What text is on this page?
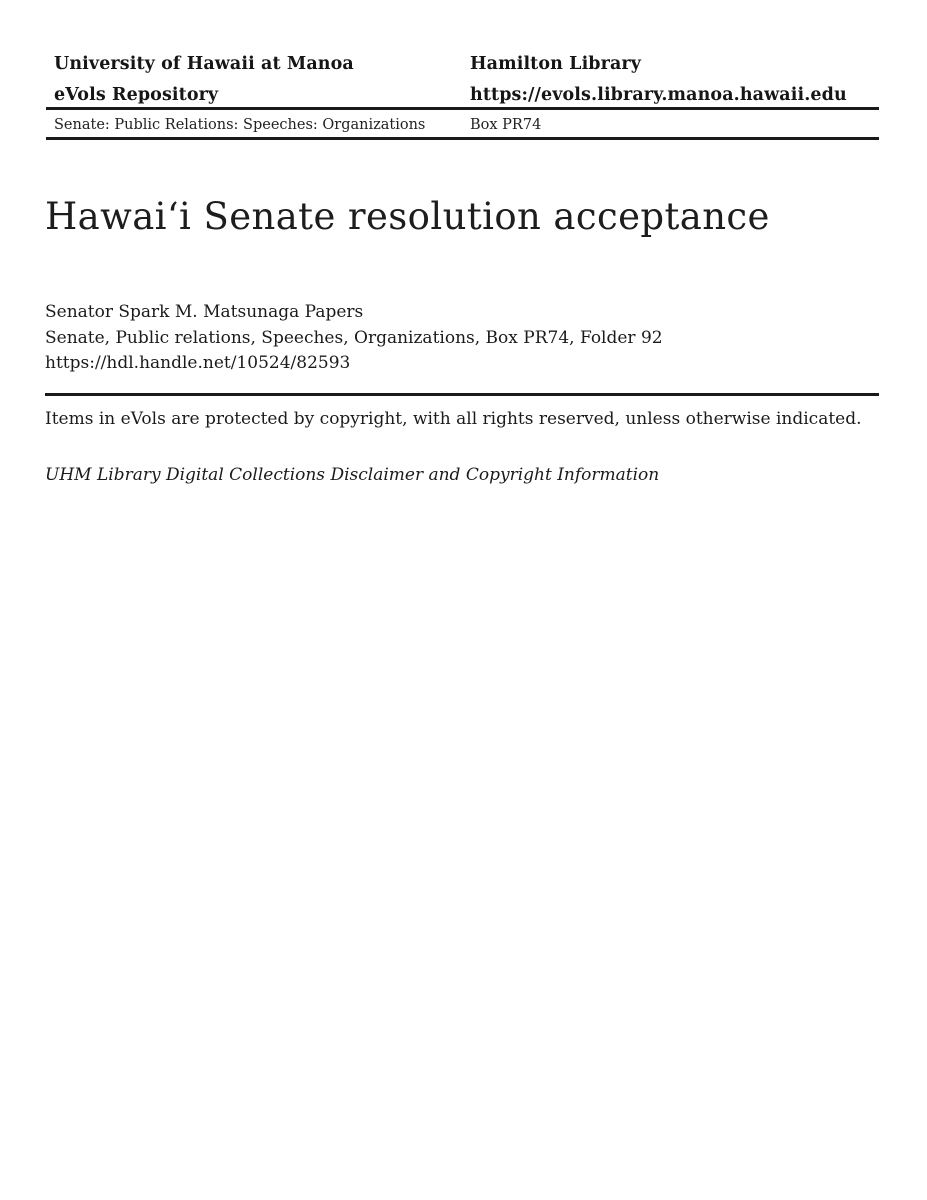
University of Hawaii at Manoa	Hamilton Library
eVols Repository	https://evols.library.manoa.hawaii.edu
Senate: Public Relations: Speeches: Organizations	Box PR74
Hawaiʻi Senate resolution acceptance
Senator Spark M. Matsunaga Papers
Senate, Public relations, Speeches, Organizations, Box PR74, Folder 92
https://hdl.handle.net/10524/82593
Items in eVols are protected by copyright, with all rights reserved, unless otherwise indicated.
UHM Library Digital Collections Disclaimer and Copyright Information
